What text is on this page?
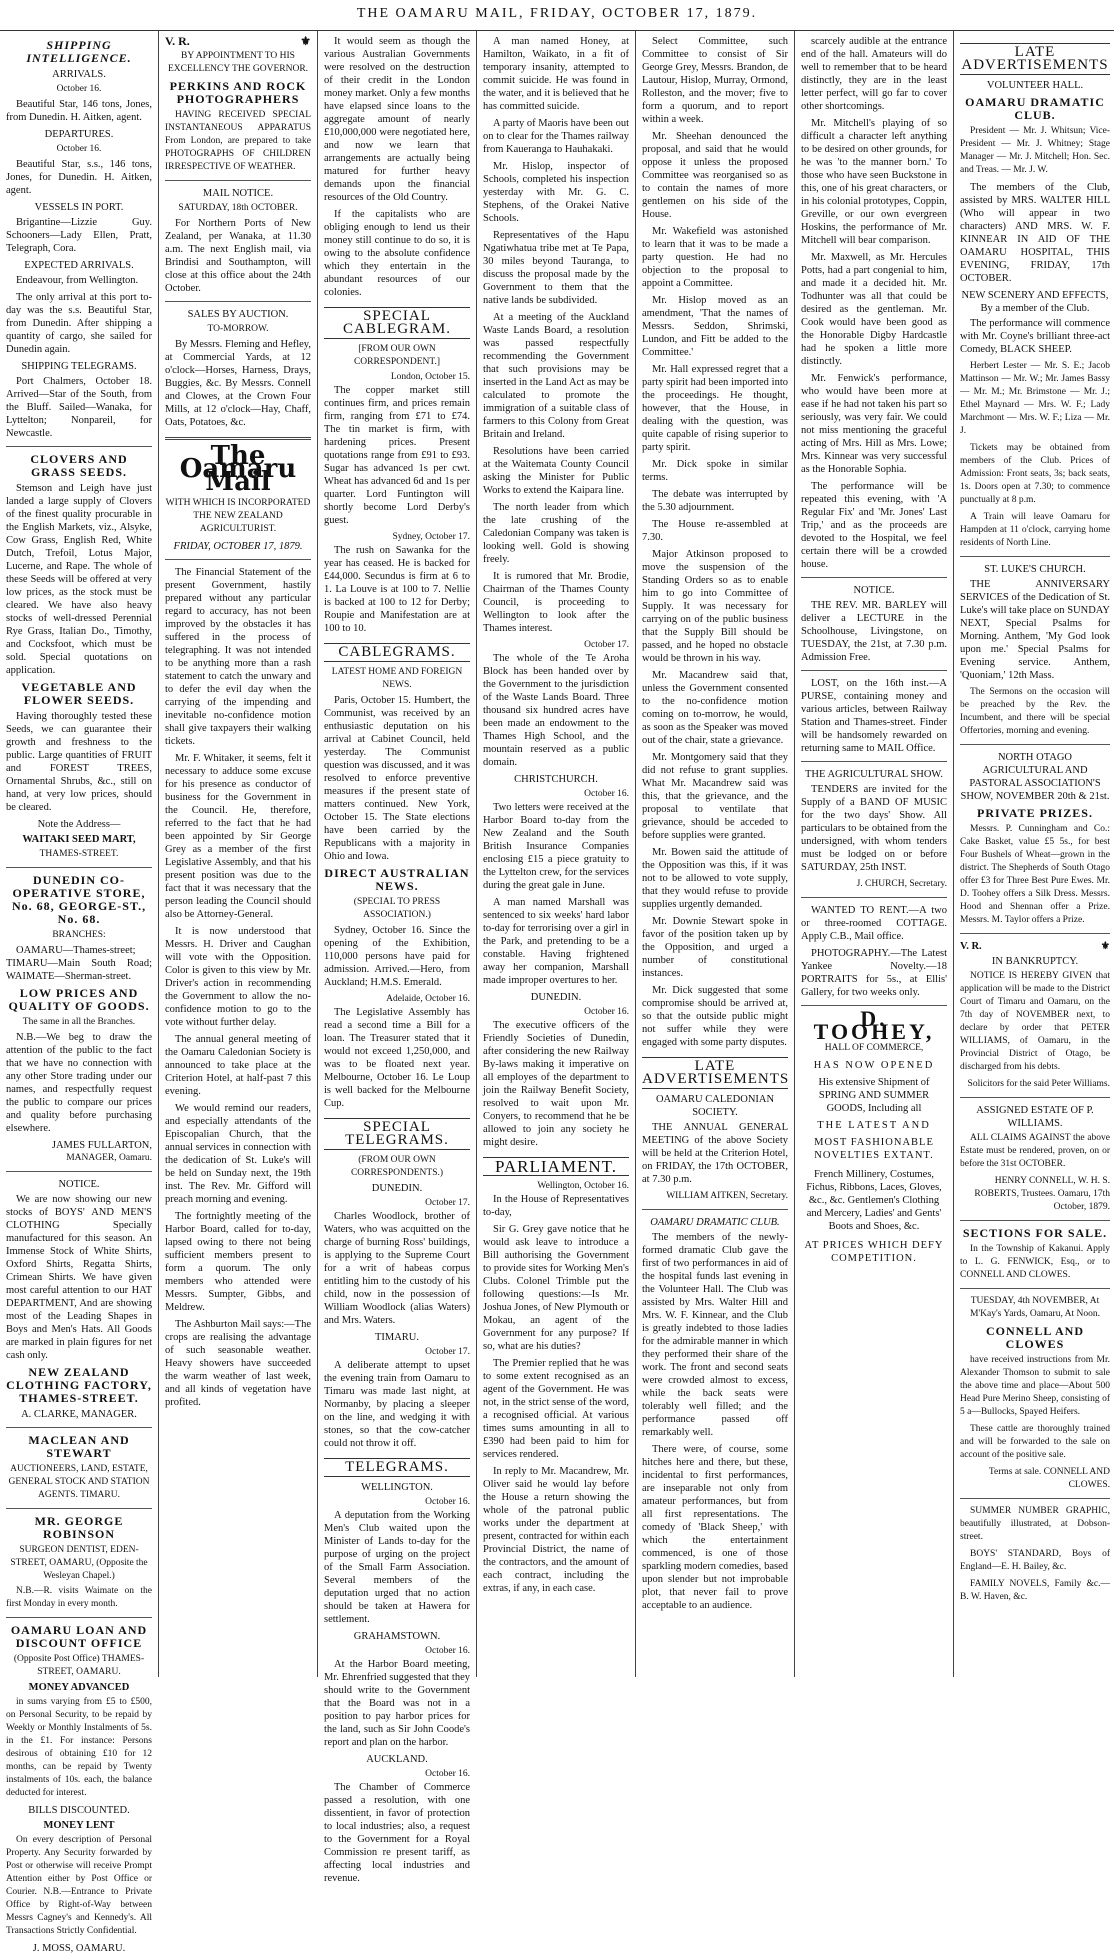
THE OAMARU MAIL, FRIDAY, OCTOBER 17, 1879.
SHIPPING INTELLIGENCE.
ARRIVALS.
October 16.

Beautiful Star, 146 tons, Jones, from Dunedin. H. Aitken, agent.

DEPARTURES.
October 16.

Beautiful Star, s.s., 146 tons, Jones, for Dunedin. H. Aitken, agent.

VESSELS IN PORT.

Brigantine—Lizzie Guy. Schooners—Lady Ellen, Pratt, Telegraph, Cora.

EXPECTED ARRIVALS.

Endeavour, from Wellington.

The only arrival at this port to-day was the s.s. Beautiful Star, from Dunedin. After shipping a quantity of cargo, she sailed for Dunedin again.

SHIPPING TELEGRAMS.

Port Chalmers, October 18. Arrived—Star of the South, from the Bluff. Sailed—Wanaka, for Lyttelton; Nonpareil, for Newcastle.

CLOVERS AND GRASS SEEDS.

Stemson and Leigh have just landed a large supply of Clovers of the finest quality procurable in the English Markets, viz., Alsyke, Cow Grass, English Red, White Dutch, Trefoil, Lotus Major, Lucerne, and Rape. The whole of these Seeds will be offered at very low prices, as the stock must be cleared. We have also heavy stocks of well-dressed Perennial Rye Grass, Italian Do., Timothy, and Cocksfoot, which must be sold. Special quotations on application.

VEGETABLE AND FLOWER SEEDS.

Having thoroughly tested these Seeds, we can guarantee their growth and freshness to the public. Large quantities of FRUIT and FOREST TREES, Ornamental Shrubs, &c., still on hand, at very low prices, should be cleared.

Note the Address—
WAITAKI SEED MART,
THAMES-STREET.
DUNEDIN CO-OPERATIVE STORE, No. 68, GEORGE-ST., No. 68.
BRANCHES:

OAMARU—Thames-street; TIMARU—Main South Road; WAIMATE—Sherman-street.

LOW PRICES AND QUALITY OF GOODS.
The same in all the Branches.

N.B.—We beg to draw the attention of the public to the fact that we have no connection with any other Store trading under our names, and respectfully request the public to compare our prices and quality before purchasing elsewhere.

JAMES FULLARTON,
MANAGER, Oamaru.
NOTICE.

We are now showing our new stocks of BOYS' AND MEN'S CLOTHING Specially manufactured for this season. An Immense Stock of White Shirts, Oxford Shirts, Regatta Shirts, Crimean Shirts. We have given most careful attention to our HAT DEPARTMENT, And are showing most of the Leading Shapes in Boys and Men's Hats. All Goods are marked in plain figures for net cash only.

NEW ZEALAND CLOTHING FACTORY, THAMES-STREET.
A. CLARKE, MANAGER.
MACLEAN AND STEWART
AUCTIONEERS, LAND, ESTATE, GENERAL STOCK AND STATION AGENTS. TIMARU.
MR. GEORGE ROBINSON
SURGEON DENTIST, EDEN-STREET, OAMARU, (Opposite the Wesleyan Chapel.)

N.B.—R. visits Waimate on the first Monday in every month.

OAMARU LOAN AND DISCOUNT OFFICE
(Opposite Post Office) THAMES-STREET, OAMARU.
MONEY ADVANCED

in sums varying from £5 to £500, on Personal Security, to be repaid by Weekly or Monthly Instalments of 5s. in the £1. For instance: Persons desirous of obtaining £10 for 12 months, can be repaid by Twenty instalments of 10s. each, the balance deducted for interest.

BILLS DISCOUNTED.
MONEY LENT

On every description of Personal Property. Any Security forwarded by Post or otherwise will receive Prompt Attention either by Post Office or Courier. N.B.—Entrance to Private Office by Right-of-Way between Messrs Cagney's and Kennedy's. All Transactions Strictly Confidential.

J. MOSS, OAMARU.
V. R.	⚜
BY APPOINTMENT TO HIS EXCELLENCY THE GOVERNOR.
PERKINS AND ROCK PHOTOGRAPHERS

HAVING RECEIVED SPECIAL INSTANTANEOUS APPARATUS From London, are prepared to take PHOTOGRAPHS OF CHILDREN IRRESPECTIVE OF WEATHER.

MAIL NOTICE.
SATURDAY, 18th OCTOBER.

For Northern Ports of New Zealand, per Wanaka, at 11.30 a.m. The next English mail, via Brindisi and Southampton, will close at this office about the 24th October.

SALES BY AUCTION.
TO-MORROW.

By Messrs. Fleming and Hefley, at Commercial Yards, at 12 o'clock—Horses, Harness, Drays, Buggies, &c. By Messrs. Connell and Clowes, at the Crown Four Mills, at 12 o'clock—Hay, Chaff, Oats, Potatoes, &c.

The Oamaru Mail
WITH WHICH IS INCORPORATED THE NEW ZEALAND AGRICULTURIST.
FRIDAY, OCTOBER 17, 1879.

The Financial Statement of the present Government, hastily prepared without any particular regard to accuracy, has not been improved by the obstacles it has suffered in the process of telegraphing. It was not intended to be anything more than a rash statement to catch the unwary and to defer the evil day when the carrying of the impending and inevitable no-confidence motion shall give taxpayers their walking tickets.

Mr. F. Whitaker, it seems, felt it necessary to adduce some excuse for his presence as conductor of business for the Government in the Council. He, therefore, referred to the fact that he had been appointed by Sir George Grey as a member of the first Legislative Assembly, and that his present position was due to the fact that it was necessary that the person leading the Council should also be Attorney-General.

It is now understood that Messrs. H. Driver and Caughan will vote with the Opposition. Color is given to this view by Mr. Driver's action in recommending the Government to allow the no-confidence motion to go to the vote without further delay.

The annual general meeting of the Oamaru Caledonian Society is announced to take place at the Criterion Hotel, at half-past 7 this evening.

We would remind our readers, and especially attendants of the Episcopalian Church, that the annual services in connection with the dedication of St. Luke's will be held on Sunday next, the 19th inst. The Rev. Mr. Gifford will preach morning and evening.

The fortnightly meeting of the Harbor Board, called for to-day, lapsed owing to there not being sufficient members present to form a quorum. The only members who attended were Messrs. Sumpter, Gibbs, and Meldrew.

The Ashburton Mail says:—The crops are realising the advantage of such seasonable weather. Heavy showers have succeeded the warm weather of last week, and all kinds of vegetation have profited.

It would seem as though the various Australian Governments were resolved on the destruction of their credit in the London money market. Only a few months have elapsed since loans to the aggregate amount of nearly £10,000,000 were negotiated here, and now we learn that arrangements are actually being matured for further heavy demands upon the financial resources of the Old Country.

If the capitalists who are obliging enough to lend us their money still continue to do so, it is owing to the absolute confidence which they entertain in the abundant resources of our colonies.

SPECIAL CABLEGRAM.
[FROM OUR OWN CORRESPONDENT.]
London, October 15.

The copper market still continues firm, and prices remain firm, ranging from £71 to £74. The tin market is firm, with hardening prices. Present quotations range from £91 to £93. Sugar has advanced 1s per cwt. Wheat has advanced 6d and 1s per quarter. Lord Funtington will shortly become Lord Derby's guest.

Sydney, October 17.

The rush on Sawanka for the year has ceased. He is backed for £44,000. Secundus is firm at 6 to 1. La Louve is at 100 to 7. Nellie is backed at 100 to 12 for Derby; Roupie and Manifestation are at 100 to 10.

CABLEGRAMS.
LATEST HOME AND FOREIGN NEWS.

Paris, October 15. Humbert, the Communist, was received by an enthusiastic deputation on his arrival at Cabinet Council, held yesterday. The Communist question was discussed, and it was resolved to enforce preventive measures if the present state of matters continued. New York, October 15. The State elections have been carried by the Republicans with a majority in Ohio and Iowa.

DIRECT AUSTRALIAN NEWS.
(SPECIAL TO PRESS ASSOCIATION.)

Sydney, October 16. Since the opening of the Exhibition, 110,000 persons have paid for admission. Arrived.—Hero, from Auckland; H.M.S. Emerald.

Adelaide, October 16.

The Legislative Assembly has read a second time a Bill for a loan. The Treasurer stated that it would not exceed 1,250,000, and was to be floated next year. Melbourne, October 16. Le Loup is well backed for the Melbourne Cup.

SPECIAL TELEGRAMS.
(FROM OUR OWN CORRESPONDENTS.)
DUNEDIN.
October 17.

Charles Woodlock, brother of Waters, who was acquitted on the charge of burning Ross' buildings, is applying to the Supreme Court for a writ of habeas corpus entitling him to the custody of his child, now in the possession of William Woodlock (alias Waters) and Mrs. Waters.

TIMARU.
October 17.

A deliberate attempt to upset the evening train from Oamaru to Timaru was made last night, at Normanby, by placing a sleeper on the line, and wedging it with stones, so that the cow-catcher could not throw it off.

TELEGRAMS.
WELLINGTON.
October 16.

A deputation from the Working Men's Club waited upon the Minister of Lands to-day for the purpose of urging on the project of the Small Farm Association. Several members of the deputation urged that no action should be taken at Hawera for settlement.

GRAHAMSTOWN.
October 16.

At the Harbor Board meeting, Mr. Ehrenfried suggested that they should write to the Government that the Board was not in a position to pay harbor prices for the land, such as Sir John Coode's report and plan on the harbor.

AUCKLAND.
October 16.

The Chamber of Commerce passed a resolution, with one dissentient, in favor of protection to local industries; also, a request to the Government for a Royal Commission re present tariff, as affecting local industries and revenue.

A man named Honey, at Hamilton, Waikato, in a fit of temporary insanity, attempted to commit suicide. He was found in the water, and it is believed that he has committed suicide.

A party of Maoris have been out on to clear for the Thames railway from Kaueranga to Hauhakaki.

Mr. Hislop, inspector of Schools, completed his inspection yesterday with Mr. G. C. Stephens, of the Orakei Native Schools.

Representatives of the Hapu Ngatiwhatua tribe met at Te Papa, 30 miles beyond Tauranga, to discuss the proposal made by the Government to them that the native lands be subdivided.

At a meeting of the Auckland Waste Lands Board, a resolution was passed respectfully recommending the Government that such provisions may be inserted in the Land Act as may be calculated to promote the immigration of a suitable class of farmers to this Colony from Great Britain and Ireland.

Resolutions have been carried at the Waitemata County Council asking the Minister for Public Works to extend the Kaipara line.

The north leader from which the late crushing of the Caledonian Company was taken is looking well. Gold is showing freely.

It is rumored that Mr. Brodie, Chairman of the Thames County Council, is proceeding to Wellington to look after the Thames interest.

October 17.

The whole of the Te Aroha Block has been handed over by the Government to the jurisdiction of the Waste Lands Board. Three thousand six hundred acres have been made an endowment to the Thames High School, and the mountain reserved as a public domain.

CHRISTCHURCH.
October 16.

Two letters were received at the Harbor Board to-day from the New Zealand and the South British Insurance Companies enclosing £15 a piece gratuity to the Lyttelton crew, for the services during the great gale in June.

A man named Marshall was sentenced to six weeks' hard labor to-day for terrorising over a girl in the Park, and pretending to be a constable. Having frightened away her companion, Marshall made improper overtures to her.

DUNEDIN.
October 16.

The executive officers of the Friendly Societies of Dunedin, after considering the new Railway By-laws making it imperative on all employes of the department to join the Railway Benefit Society, resolved to wait upon Mr. Conyers, to recommend that he be allowed to join any society he might desire.

PARLIAMENT.
Wellington, October 16.

In the House of Representatives to-day,

Sir G. Grey gave notice that he would ask leave to introduce a Bill authorising the Government to provide sites for Working Men's Clubs. Colonel Trimble put the following questions:—Is Mr. Joshua Jones, of New Plymouth or Mokau, an agent of the Government for any purpose? If so, what are his duties?

The Premier replied that he was to some extent recognised as an agent of the Government. He was not, in the strict sense of the word, a recognised official. At various times sums amounting in all to £390 had been paid to him for services rendered.

In reply to Mr. Macandrew, Mr. Oliver said he would lay before the House a return showing the whole of the patronal public works under the department at present, contracted for within each Provincial District, the name of the contractors, and the amount of each contract, including the extras, if any, in each case.

Select Committee, such Committee to consist of Sir George Grey, Messrs. Brandon, de Lautour, Hislop, Murray, Ormond, Rolleston, and the mover; five to form a quorum, and to report within a week.

Mr. Sheehan denounced the proposal, and said that he would oppose it unless the proposed Committee was reorganised so as to contain the names of more gentlemen on his side of the House.

Mr. Wakefield was astonished to learn that it was to be made a party question. He had no objection to the proposal to appoint a Committee.

Mr. Hislop moved as an amendment, 'That the names of Messrs. Seddon, Shrimski, Lundon, and Fitt be added to the Committee.'

Mr. Hall expressed regret that a party spirit had been imported into the proceedings. He thought, however, that the House, in dealing with the question, was quite capable of rising superior to party spirit.

Mr. Dick spoke in similar terms.

The debate was interrupted by the 5.30 adjournment.

The House re-assembled at 7.30.

Major Atkinson proposed to move the suspension of the Standing Orders so as to enable him to go into Committee of Supply. It was necessary for carrying on of the public business that the Supply Bill should be passed, and he hoped no obstacle would be thrown in his way.

Mr. Macandrew said that, unless the Government consented to the no-confidence motion coming on to-morrow, he would, as soon as the Speaker was moved out of the chair, state a grievance.

Mr. Montgomery said that they did not refuse to grant supplies. What Mr. Macandrew said was this, that the grievance, and the proposal to ventilate that grievance, should be acceded to before supplies were granted.

Mr. Bowen said the attitude of the Opposition was this, if it was not to be allowed to vote supply, that they would refuse to provide supplies urgently demanded.

Mr. Downie Stewart spoke in favor of the position taken up by the Opposition, and urged a number of constitutional instances.

Mr. Dick suggested that some compromise should be arrived at, so that the outside public might not suffer while they were engaged with some party disputes.

LATE ADVERTISEMENTS
OAMARU CALEDONIAN SOCIETY.

THE ANNUAL GENERAL MEETING of the above Society will be held at the Criterion Hotel, on FRIDAY, the 17th OCTOBER, at 7.30 p.m.

WILLIAM AITKEN, Secretary.
OAMARU DRAMATIC CLUB.

The members of the newly-formed dramatic Club gave the first of two performances in aid of the hospital funds last evening in the Volunteer Hall. The Club was assisted by Mrs. Walter Hill and Mrs. W. F. Kinnear, and the Club is greatly indebted to those ladies for the admirable manner in which they performed their share of the work. The front and second seats were crowded almost to excess, while the back seats were tolerably well filled; and the performance passed off remarkably well.

There were, of course, some hitches here and there, but these, incidental to first performances, are inseparable not only from amateur performances, but from all first representations. The comedy of 'Black Sheep,' with which the entertainment commenced, is one of those sparkling modern comedies, based upon slender but not improbable plot, that never fail to prove acceptable to an audience.

scarcely audible at the entrance end of the hall. Amateurs will do well to remember that to be heard distinctly, they are in the least letter perfect, will go far to cover other shortcomings.

Mr. Mitchell's playing of so difficult a character left anything to be desired on other grounds, for he was 'to the manner born.' To those who have seen Buckstone in this, one of his great characters, or in his colonial prototypes, Coppin, Greville, or our own evergreen Hoskins, the performance of Mr. Mitchell will bear comparison.

Mr. Maxwell, as Mr. Hercules Potts, had a part congenial to him, and made it a decided hit. Mr. Todhunter was all that could be desired as the gentleman. Mr. Cook would have been good as the Honorable Digby Hardcastle had he spoken a little more distinctly.

Mr. Fenwick's performance, who would have been more at ease if he had not taken his part so seriously, was very fair. We could not miss mentioning the graceful acting of Mrs. Hill as Mrs. Lowe; Mrs. Kinnear was very successful as the Honorable Sophia.

The performance will be repeated this evening, with 'A Regular Fix' and 'Mr. Jones' Last Trip,' and as the proceeds are devoted to the Hospital, we feel certain there will be a crowded house.

NOTICE.

THE REV. MR. BARLEY will deliver a LECTURE in the Schoolhouse, Livingstone, on TUESDAY, the 21st, at 7.30 p.m. Admission Free.

LOST, on the 16th inst.—A PURSE, containing money and various articles, between Railway Station and Thames-street. Finder will be handsomely rewarded on returning same to MAIL Office.

THE AGRICULTURAL SHOW.

TENDERS are invited for the Supply of a BAND OF MUSIC for the two days' Show. All particulars to be obtained from the undersigned, with whom tenders must be lodged on or before SATURDAY, 25th INST.

J. CHURCH, Secretary.

WANTED TO RENT.—A two or three-roomed COTTAGE. Apply C.B., Mail office.

PHOTOGRAPHY.—The Latest Yankee Novelty.—18 PORTRAITS for 5s., at Ellis' Gallery, for two weeks only.

D. TOOHEY,
HALL OF COMMERCE,
HAS NOW OPENED
His extensive Shipment of SPRING AND SUMMER GOODS, Including all
THE LATEST AND
MOST FASHIONABLE NOVELTIES EXTANT.
French Millinery, Costumes, Fichus, Ribbons, Laces, Gloves, &c., &c. Gentlemen's Clothing and Mercery, Ladies' and Gents' Boots and Shoes, &c.
AT PRICES WHICH DEFY COMPETITION.
LATE ADVERTISEMENTS
VOLUNTEER HALL.
OAMARU DRAMATIC CLUB.

President — Mr. J. Whitsun; Vice-President — Mr. J. Whitney; Stage Manager — Mr. J. Mitchell; Hon. Sec. and Treas. — Mr. J. W.

The members of the Club, assisted by MRS. WALTER HILL (Who will appear in two characters) AND MRS. W. F. KINNEAR IN AID OF THE OAMARU HOSPITAL, THIS EVENING, FRIDAY, 17th OCTOBER.

NEW SCENERY AND EFFECTS, By a member of the Club.

The performance will commence with Mr. Coyne's brilliant three-act Comedy, BLACK SHEEP.

Herbert Lester — Mr. S. E.; Jacob Mattinson — Mr. W.; Mr. James Bassy — Mr. M.; Mr. Brimstone — Mr. J.; Ethel Maynard — Mrs. W. F.; Lady Marchmont — Mrs. W. F.; Liza — Mr. J.

Tickets may be obtained from members of the Club. Prices of Admission: Front seats, 3s; back seats, 1s. Doors open at 7.30; to commence punctually at 8 p.m.

A Train will leave Oamaru for Hampden at 11 o'clock, carrying home residents of North Line.

ST. LUKE'S CHURCH.

THE ANNIVERSARY SERVICES of the Dedication of St. Luke's will take place on SUNDAY NEXT, Special Psalms for Morning. Anthem, 'My God look upon me.' Special Psalms for Evening service. Anthem, 'Quoniam,' 12th Mass.

The Sermons on the occasion will be preached by the Rev. the Incumbent, and there will be special Offertories, morning and evening.

NORTH OTAGO AGRICULTURAL AND PASTORAL ASSOCIATION'S SHOW, NOVEMBER 20th & 21st.
PRIVATE PRIZES.

Messrs. P. Cunningham and Co.: Cake Basket, value £5 5s., for best Four Bushels of Wheat—grown in the district. The Shepherds of South Otago offer £3 for Three Best Pure Ewes. Mr. D. Toohey offers a Silk Dress. Messrs. Hood and Shennan offer a Prize. Messrs. M. Taylor offers a Prize.

V. R.	⚜
IN BANKRUPTCY.

NOTICE IS HEREBY GIVEN that application will be made to the District Court of Timaru and Oamaru, on the 7th day of NOVEMBER next, to declare by order that PETER WILLIAMS, of Oamaru, in the Provincial District of Otago, be discharged from his debts.

Solicitors for the said Peter Williams.
ASSIGNED ESTATE OF P. WILLIAMS.

ALL CLAIMS AGAINST the above Estate must be rendered, proven, on or before the 31st OCTOBER.

HENRY CONNELL, W. H. S. ROBERTS, Trustees. Oamaru, 17th October, 1879.
SECTIONS FOR SALE.

In the Township of Kakanui. Apply to L. G. FENWICK, Esq., or to CONNELL AND CLOWES.

TUESDAY, 4th NOVEMBER, At M'Kay's Yards, Oamaru, At Noon.
CONNELL AND CLOWES

have received instructions from Mr. Alexander Thomson to submit to sale the above time and place—About 500 Head Pure Merino Sheep, consisting of 5 a—Bullocks, Spayed Heifers.

These cattle are thoroughly trained and will be forwarded to the sale on account of the positive sale.

Terms at sale. CONNELL AND CLOWES.

SUMMER NUMBER GRAPHIC, beautifully illustrated, at Dobson-street.

BOYS' STANDARD, Boys of England—E. H. Bailey, &c.

FAMILY NOVELS, Family &c.—B. W. Haven, &c.
